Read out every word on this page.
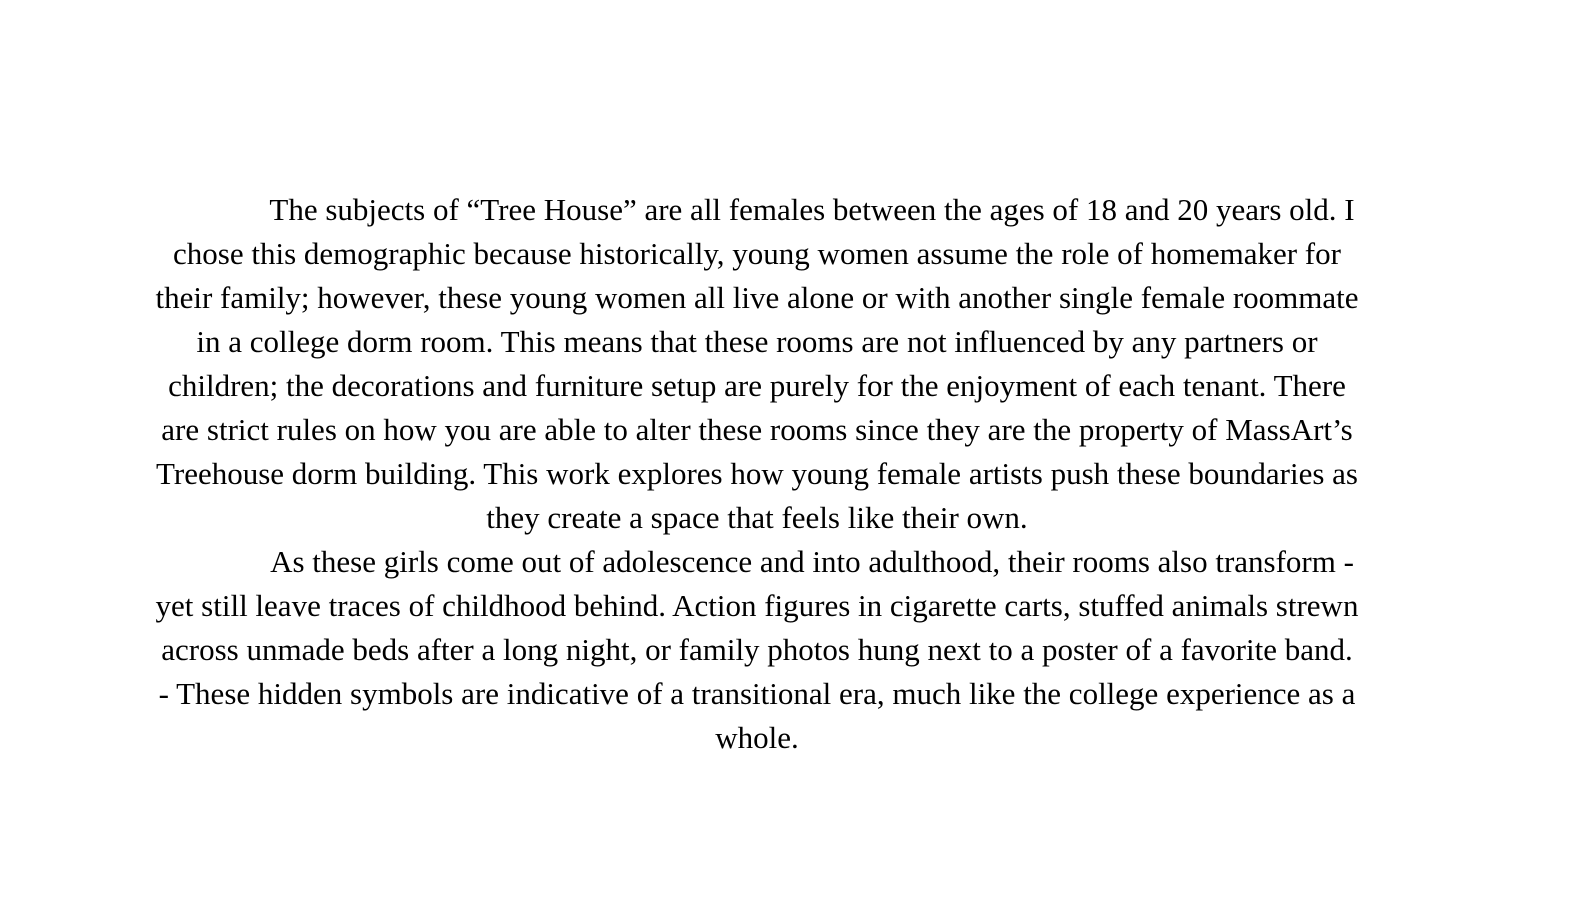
The subjects of “Tree House” are all females between the ages of 18 and 20 years old. I
chose this demographic because historically, young women assume the role of homemaker for
their family; however, these young women all live alone or with another single female roommate
in a college dorm room. This means that these rooms are not influenced by any partners or
children; the decorations and furniture setup are purely for the enjoyment of each tenant. There
are strict rules on how you are able to alter these rooms since they are the property of MassArt’s
Treehouse dorm building. This work explores how young female artists push these boundaries as
they create a space that feels like their own.
As these girls come out of adolescence and into adulthood, their rooms also transform -
yet still leave traces of childhood behind. Action figures in cigarette carts, stuffed animals strewn
across unmade beds after a long night, or family photos hung next to a poster of a favorite band.
- These hidden symbols are indicative of a transitional era, much like the college experience as a
whole.
